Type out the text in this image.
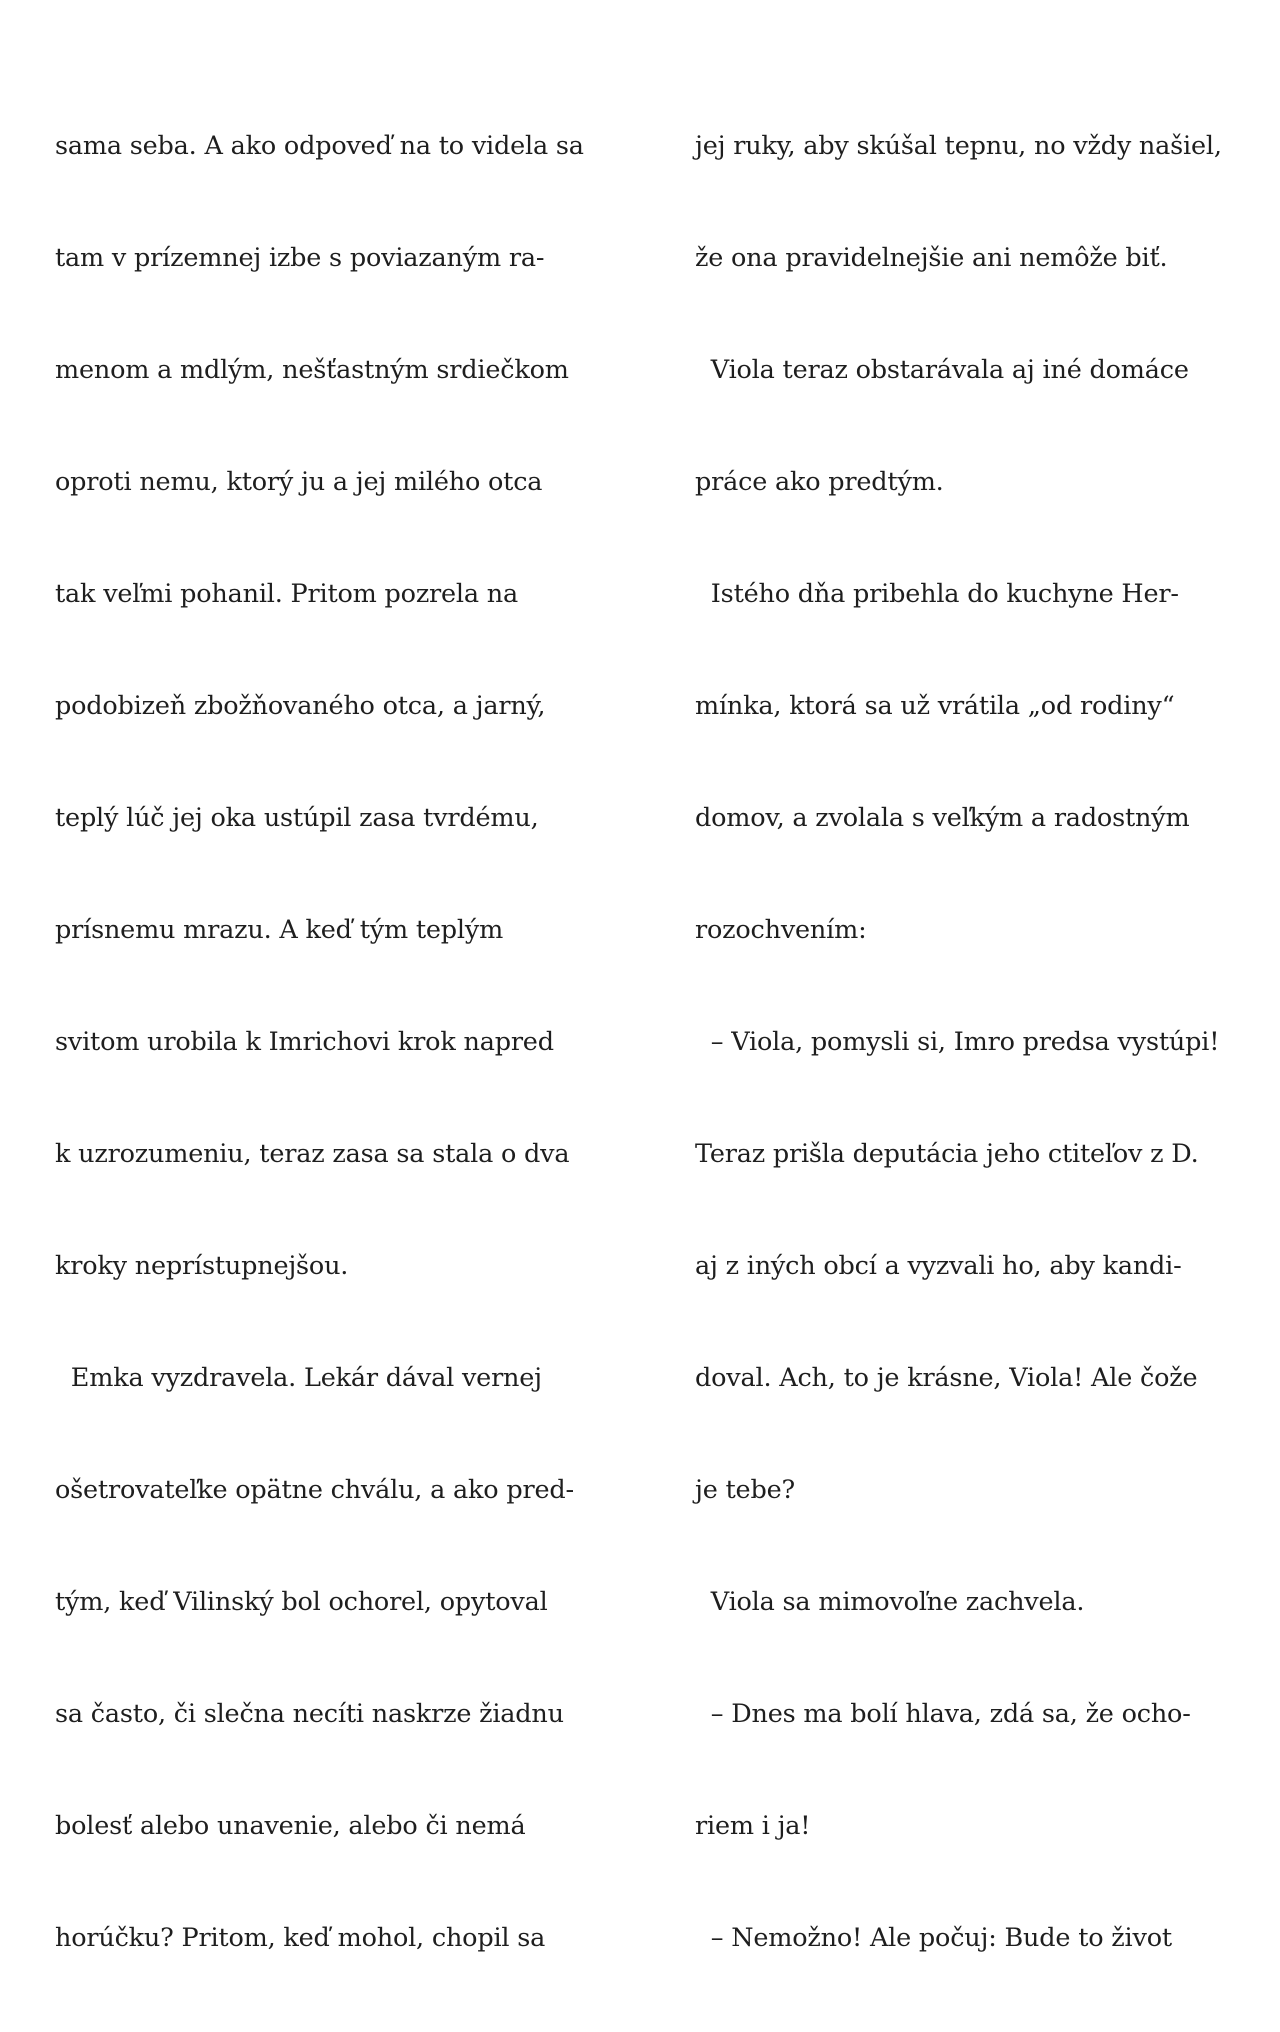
sama seba. A ako odpoveď na to videla sa

tam v prízemnej izbe s poviazaným ra-

menom a mdlým, nešťastným srdiečkom

oproti nemu, ktorý ju a jej milého otca

tak veľmi pohanil. Pritom pozrela na

podobizeň zbožňovaného otca, a jarný,

teplý lúč jej oka ustúpil zasa tvrdému,

prísnemu mrazu. A keď tým teplým

svitom urobila k Imrichovi krok napred

k uzrozumeniu, teraz zasa sa stala o dva

kroky neprístupnejšou.

Emka vyzdravela. Lekár dával vernej

ošetrovateľke opätne chválu, a ako pred-

tým, keď Vilinský bol ochorel, opytoval

sa často, či slečna necíti naskrze žiadnu

bolesť alebo unavenie, alebo či nemá

horúčku? Pritom, keď mohol, chopil sa

jej ruky, aby skúšal tepnu, no vždy našiel,

že ona pravidelnejšie ani nemôže biť.

Viola teraz obstarávala aj iné domáce

práce ako predtým.

Istého dňa pribehla do kuchyne Her-

mínka, ktorá sa už vrátila „od rodiny“

domov, a zvolala s veľkým a radostným

rozochvením:

– Viola, pomysli si, Imro predsa vystúpi!

Teraz prišla deputácia jeho ctiteľov z D.

aj z iných obcí a vyzvali ho, aby kandi-

doval. Ach, to je krásne, Viola! Ale čože

je tebe?

Viola sa mimovoľne zachvela.

– Dnes ma bolí hlava, zdá sa, že ocho-

riem i ja!

– Nemožno! Ale počuj: Bude to život
